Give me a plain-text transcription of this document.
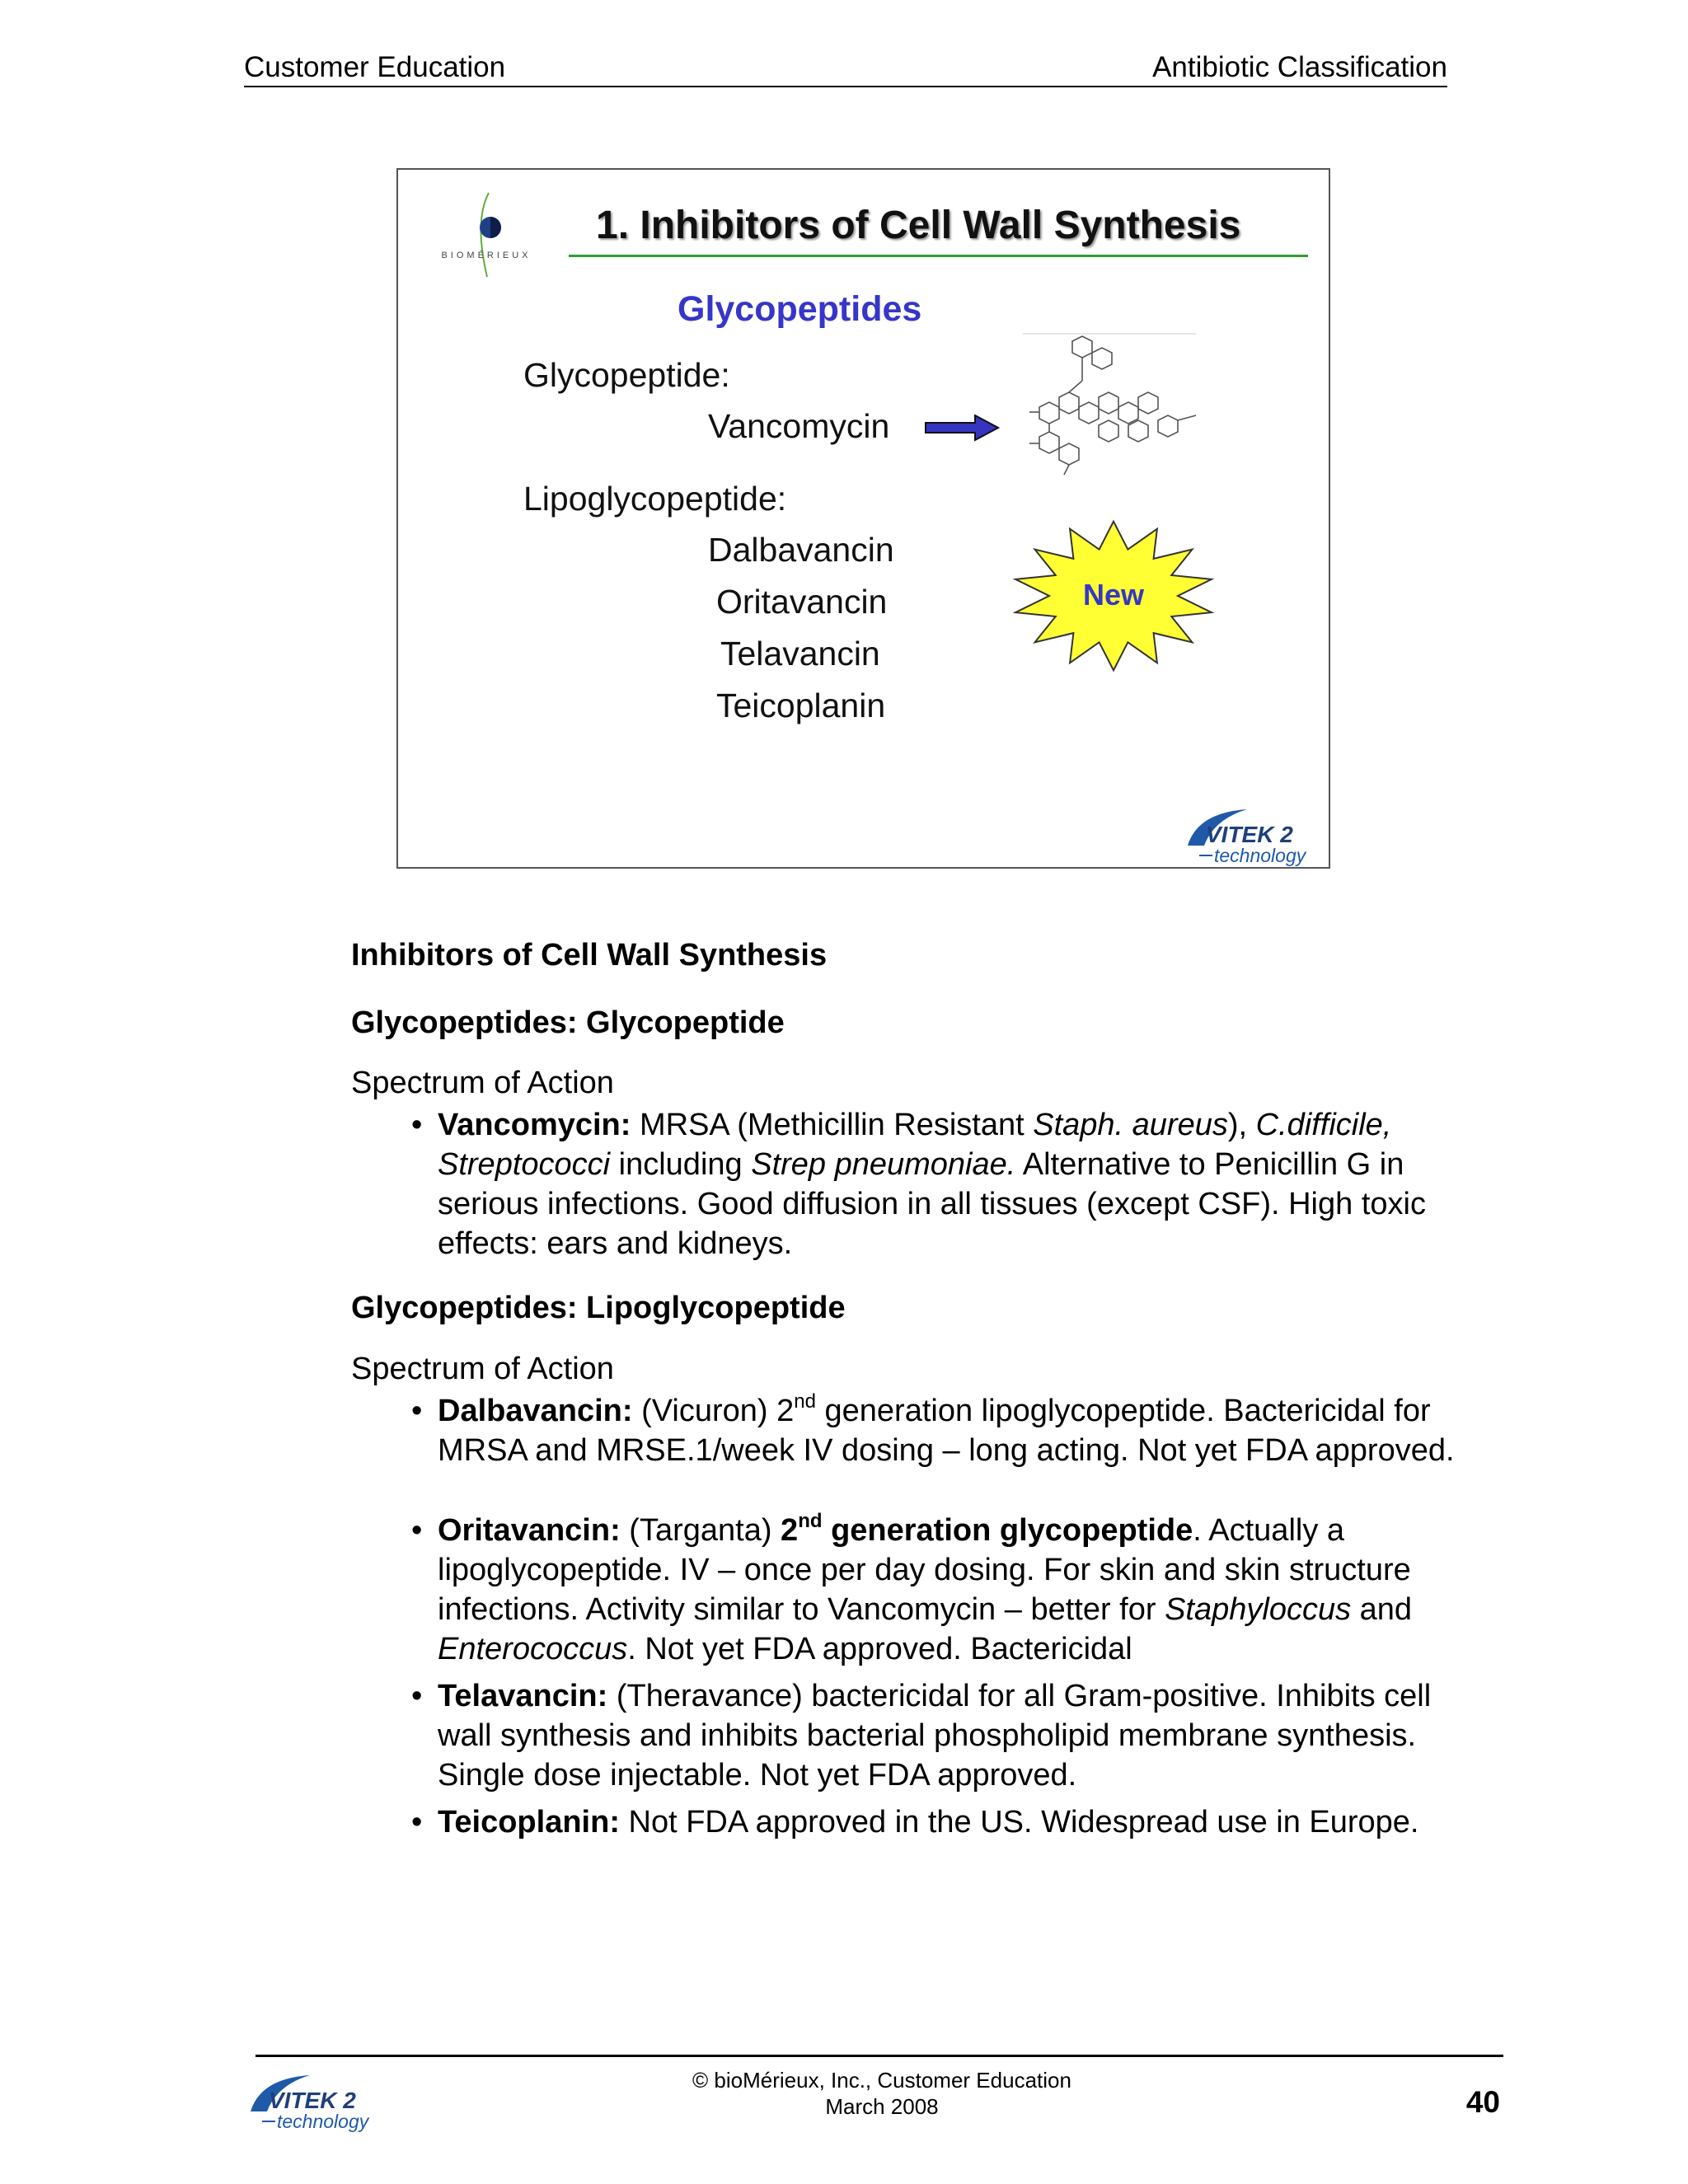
Customer Education	Antibiotic Classification
BIOMÉRIEUX
1. Inhibitors of Cell Wall Synthesis
Glycopeptides
Glycopeptide:
Vancomycin
Lipoglycopeptide:
Dalbavancin
Oritavancin
Telavancin
Teicoplanin
New
VITEK 2
technology
Inhibitors of Cell Wall Synthesis
Glycopeptides: Glycopeptide
Spectrum of Action
• Vancomycin: MRSA (Methicillin Resistant Staph. aureus), C.difficile, Streptococci including Strep pneumoniae. Alternative to Penicillin G in serious infections. Good diffusion in all tissues (except CSF). High toxic effects: ears and kidneys.
Glycopeptides: Lipoglycopeptide
Spectrum of Action
• Dalbavancin: (Vicuron) 2nd generation lipoglycopeptide. Bactericidal for MRSA and MRSE.1/week IV dosing – long acting. Not yet FDA approved.
• Oritavancin: (Targanta) 2nd generation glycopeptide. Actually a lipoglycopeptide. IV – once per day dosing. For skin and skin structure infections. Activity similar to Vancomycin – better for Staphyloccus and Enterococcus. Not yet FDA approved. Bactericidal
• Telavancin: (Theravance) bactericidal for all Gram-positive. Inhibits cell wall synthesis and inhibits bacterial phospholipid membrane synthesis. Single dose injectable. Not yet FDA approved.
• Teicoplanin: Not FDA approved in the US. Widespread use in Europe.
VITEK 2
technology
© bioMérieux, Inc., Customer Education
March 2008	40
